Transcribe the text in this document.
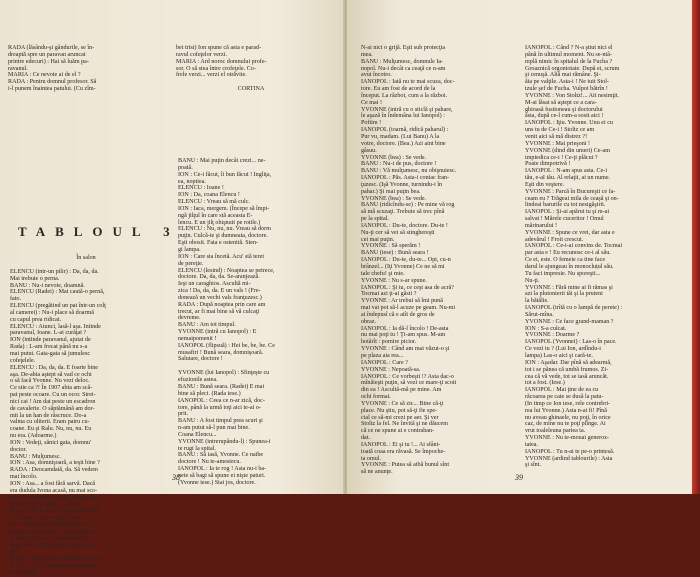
RADA (lăsându-şi gândurile, se în-

dreaptă spre un paravan aruncat

printre edecuri) : Hai să luăm pa-

ravanul.

MARIA : Ce nevoie ai de el ?

RADA : Pentru domnul profesor. Să

i-l punem înaintea patului. (Cu zîm-

bet trist) Ion spune că asta e parad-

ravul cofeţelor verzi.

MARIA : Ard noroc domnului profe-

sor. O să stea între crofeţele. Co-

frele verzi... verzi el otrăvite.

CORTINA

TABLOUL 3

În salon

ELENCU (intr-un pilir) : Da, da, da.

Mai trebuie o perna.

BANU : Nu-i nevoie, doamnă.

ELENCU (Radei) : Mai caută-o pernă,

fato.

ELENCU (pregătind un pat într-un colţ

al camerei) : Nu-i place să doarmă

cu capul prea ridicat.

ELENCU : Atunci, lasă-l aşa. Intinde

paravanul, Ioane. L-ai curăţat ?

ION (intinde paravanul, ajutat de

Rada) : L-am frecat până nu s-a

mai putut. Gata-gata să jumulesc

cofeţelele.

ELENCU : Da, da, da. E foarte bine

aşa. De-abia aştept să vad ce ochi

o să facă Yvonne. Nu vezi deloc.

Ce stie ca ?! În 1907 abia am scă-

pat peste ocoare. Cu un ocor. Strei-

nici cai ! Am dat peste un escadron

de cavalerie. O săptămână am dor-

mit la un han de răscruce. Do-a

valma cu oliterii. Eram patru cu-

coane. Eu şi Ralu. Nu, nu, nu. Eu

nu era. (Adoarme.)

ION : Vedeţi, sănici gata, domnu'

doctor.

BANU : Mulţumesc.

ION : Asa, domnişoară, a ieşit bine ?

RADA : Deocamdată, da. Să vedem

mai încolo.

ION : Asa... a fost fără sarvă. Dacă

era dudula Ivona acasă, nu mai sco-

team un cuvânt la ivirea. Numai cu

coana Elencu, gata, s-a făcut !

RADA : Să vedem ce va spune când

s-o întoarce şi ne va găsi aici.

ION : Până-n seri nu mai vine. Ce

duci la o petrecere... Când se-ntorc

la beţi chiori, nici nu mai văd pe

unde calcă. Nici dinsa el nici coco'

Pol.

BANU : În definitiv, spună ce-o vrea.

RADA : Va fi neplăcut pentru dum-

neavoastră.

BANU : Mai puţin decât crezi... ne-

poată.

ION : Ce-i făcut, îi bun făcut ! Ingliţa,

ea, noptiea.

ELENCU : Ioane !

ION : Da, coana Elencu !

ELENCU : Vreau să mă culc.

ION : Iaca, mergem. (Începe să împi-

ngă jilţul în care stă aceasta E-

lencu. E un jilţ obişnuit pe rotile.)

ELENCU : Nu, nu, nu. Vreau să dorm

puţin. Culcă-te şi dumneata, doctore.

Eşti obosit. Fata e ostenită. Sten-

gi lampa.

ION : Care sta încetă. Acu' stă teret

de pereţie.

ELENCU (lesind) : Noaptea se petrece,

doctore. Da, da, da. Se-aranjează.

Ieşi un caraghios. Ascultă mi-

zica ! Da, da, da. E un vals ! (Fre-

donează un vechi vals franţuzesc.)

RADA : După noaptea prin care am

trecut, ar fi mai bine să vă culcaţi

devreme.

BANU : Am tot timpul.

YVONNE (intră cu Ianopol) : E

nemaipomenit !

IANOPOL (flipsuă) : Hei be, be, be. Ce

musafiri ! Bună seara, domnişoară.

Salutare, doctore !

YVONNE (lui Ianopol) : Sfinţeşte cu

efuzionile astea.

BANU : Bună seara. (Radei) E mai

bine să pleci. (Rada iese.)

IANOPOL : Ceea ce n-ar zică, doc-

tore, până la urmă toţi aici te-ai o-

prit.

BANU : A fost timpul prea scurt şi

n-am putut să-l pun mai bine.

Coana Elencu...

YVONNE (intrerupându-l) : Spunea-i

te rugi la spital.

BANU : Să iasă, Yvonne. Ce naibe

doctore ! Nu te-amestecu.

IANOPOL : Ia te rog ! Asta nu-i ba-

nete să bagi să spune ei nişte paturi.

(Yvonne iese.) Stai jos, doctore.

38

N-ai nici o grijă. Eşti sub protecţia

mea.

BANU : Mulţumesc, domnule Ia-

nopol. Nu-i decât ca ceaţă ce n-am

avut încotro.

IANOPOL : Iată nu te mai scuza, doc-

tore. Eu am fost de acord de la

început. La război, cum a la război.

Ce mai !

YVONNE (intră cu o sticlă şi pahare,

le aşază în îndemâna lui Ianopol) :

Poftim !

IANOPOL (toarnă, ridică paharul) :

Pur vu, madam. (Lui Banu) A la

votre, doctore. (Bea.) Azi aint bine

gâsuu.

YVONNE (bea) : Se vede.

BANU : Nu-i de pus, doctore !

BANU : Vă mulţumesc, nu obişnuiesc.

IANOPOL : Păs. Asta-i coniac fran-

ţuzesc. (Işă Yvonne, turnindu-i în

pahar.) Şi mai puţin bea.

YVONNE (bea) : Se vede.

BANU (ridicîndu-se) : Pe mine vă rog

să mă scuzaţi. Trebuie să trec pînă

pe la spital.

IANOPOL : Du-te, doctore. Du-te !

Nu-ţi cer să vei să stinghereşti

cei mai puţin.

YVONNE : Să sperăm !

BANU (iese) : Bună seara !

IANOPOL : Du-te, du-te... Opt, cu-n

brânzel... (Iţi Yvonne) Ce ne să mi

tale chefu! şi mie.

YVONNE : Nu s-ar spune.

IANOPOL : Şi tu, ce ceşt asa de acră?

Tocmai azi ţi-ai găsit ?

YVONNE : Ar trebui să îmi pună

mai vai pot să-l acuze pe geam. Nu-mi

ai îndepusî că e atît de gros de

obraz.

IANOPOL : Ia dă-l încolo ! De-asta

nu mai poţi tu ! Ţi-am spus. M-am

hotărît : pornire picior.

YVONNE : Când am mai văzut-o şi

pe plaza aia rea...

IANOPOL : Care ?

YVONNE : Nepoată-sa.

IANOPOL : Ce vorbeşti !? Asta dac-o

mînăieşti puţin, să vezi ce mare-ţi scoti

din ea ! Ascultă-mă pe mine. Am

ochi format.

YVONNE : Ce să zic... Bine că-ţi

place. Nu ştiu, pot să-ţi fie spe-

cial ce să-mi crezi pe aer. Şi ver

Stoltz la fel. Ne învită şi ne dăucem

că ce ne spune ai e contraban-

dat.

IANOPOL : Ei şi tu !... Ai sfânt-

toată coaa era răvasă. Se împoche-

ta omul.

YVONNE : Putea să aibă bunul sînt

să ne anunţe.

IANOPOL : Când ? N-a ştiut nici el

până în ultimul moment. Nu se-ntâ-

mplă nimic în spitalul de la Fucha ?

Groaznică orgoniotate. După ei, scrum

şi cenuşă. Altă mai rămâne. Şi-

ăia pe valţile. Asta-i ! Ne iuit Stol-

tzule şef de Fucha. Vulpoi bătrîn !

YVONNE : Von Stoltz!... Ait nesimţit.

M-ai lăsat să aştept ce a cara-

ghioasă fustioneau şi doctorului

ăsta, după ce-l cum-a sosit aici !

IANOPOL : Iţiu. Yvonne. Unu ei cu

uns tu de Ce-i ! Stoltz ce am

venit aici să mă distrez ?!

YVONNE : Mai prieşoni !

YVONNE (dind din umeri) Ce-am

impiedica ce-i ! Ce-ţi plăcut ?

Poate dimpotrivă !

IANOPOL : N-am spus asta. Ce-i

tău, e-aI tău. Al relaţii, ai un nume.

Eşti din veştere.

YVONNE : Parcă în Bucureşti ce fa-

ceam eu ? Trăgeai mila de ceaşă şi on-

lindeai barurile cu tot nesigăşirii.

IANOPOL : Şi-ai apărut tu şi m-ai

salvat ! Mărele cuceritor ! Omul

mărinarului !

YVONNE : Spune ce vrei, dar asta e

adevărul ! Froii crescut.

IANOPOL : Ce-i-ai convins de. Tocmai

par asta e ! Eu recunosc ce-i al său.

Ce ei, este. O femeie ca tine face

darul le ajungeau în monocluțul său.

Tu faci impresie. Nu sporeşti...

Nu-ţi.

YVONNE : Fără mine ai fi rămas şi

azi la plutonierii tăi şi la pruteni

la bătălie.

IANOPOL (trîtă cu o lampă de perete) :

Sărut-mîna.

YVONNE : Ce face grand-maman ?

ION : S-a culcat.

YVONNE : Doarme ?

IANOPOL (Yvonnei) : Las-o în pace.

Ce vezi tu ? (Lui Ion, ardîndu-i

lampa) Las-o aici şi cară-te.

ION : Aşadar. Dar pînă să adearmă,

tot i se pănea că umbă frumos. Zi-

cea că vă vede, tot se iasă aruncăt.

tot a fost. (Iese.)

IANOPOL : Mai ţine de ea cu

răcoarea pe cate se dusă la patu-

(In timp ce Ion iese, rele contrebri-

rea lui Yvonne.) Asta n-ai fi! Pînă

nu aveau ghinaele, nu poţi, în orice

caz, de mine nu te poţi plînge. Ai

vrut toaleleuna pariea ta.

YVONNE : Nu te-mouai generoz-

tatea.

IANOPOL : Tu n-ai te pe-o printesă.

YVONNE (ardind tablourile) : Asta

şi sînt.

39
